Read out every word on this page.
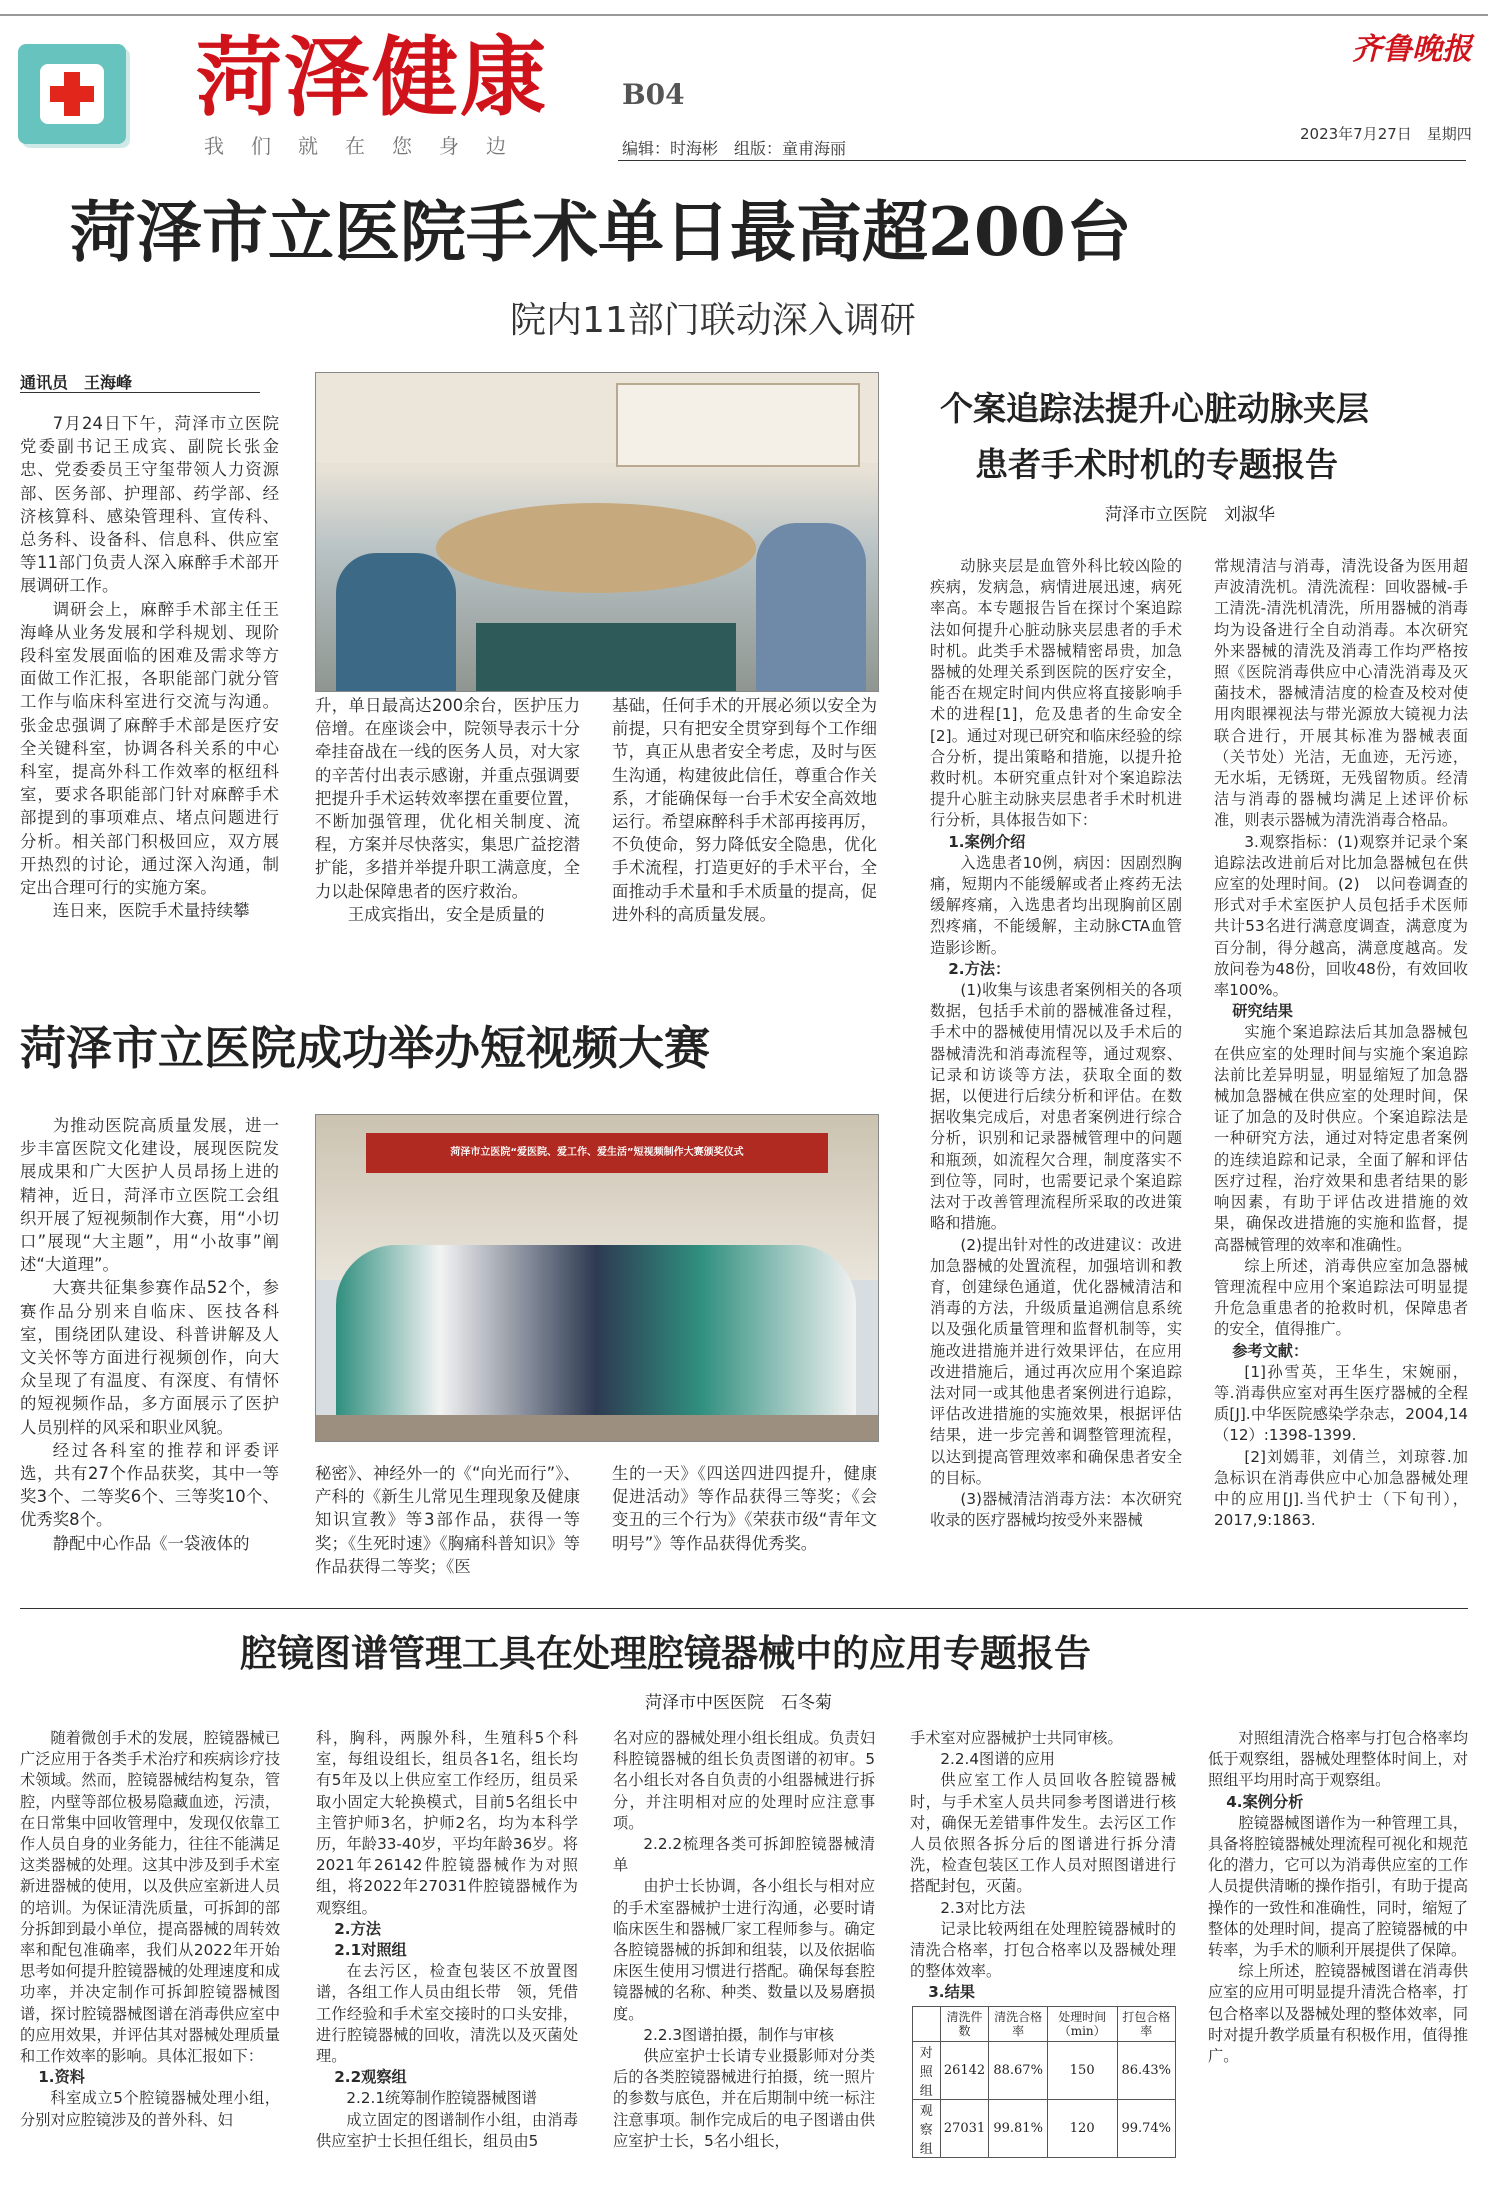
菏泽健康
我们就在您身边
B04
编辑：时海彬　组版：童甫海丽
齐鲁晚报
2023年7月27日　星期四
菏泽市立医院手术单日最高超200台
院内11部门联动深入调研
通讯员　王海峰

7月24日下午，菏泽市立医院党委副书记王成宾、副院长张金忠、党委委员王守玺带领人力资源部、医务部、护理部、药学部、经济核算科、感染管理科、宣传科、总务科、设备科、信息科、供应室等11部门负责人深入麻醉手术部开展调研工作。

调研会上，麻醉手术部主任王海峰从业务发展和学科规划、现阶段科室发展面临的困难及需求等方面做工作汇报，各职能部门就分管工作与临床科室进行交流与沟通。张金忠强调了麻醉手术部是医疗安全关键科室，协调各科关系的中心科室，提高外科工作效率的枢纽科室，要求各职能部门针对麻醉手术部提到的事项难点、堵点问题进行分析。相关部门积极回应，双方展开热烈的讨论，通过深入沟通，制定出合理可行的实施方案。

连日来，医院手术量持续攀

升，单日最高达200余台，医护压力倍增。在座谈会中，院领导表示十分牵挂奋战在一线的医务人员，对大家的辛苦付出表示感谢，并重点强调要把提升手术运转效率摆在重要位置，不断加强管理，优化相关制度、流程，方案并尽快落实，集思广益挖潜扩能，多措并举提升职工满意度，全力以赴保障患者的医疗救治。

王成宾指出，安全是质量的

基础，任何手术的开展必须以安全为前提，只有把安全贯穿到每个工作细节，真正从患者安全考虑，及时与医生沟通，构建彼此信任，尊重合作关系，才能确保每一台手术安全高效地运行。希望麻醉科手术部再接再厉，不负使命，努力降低安全隐患，优化手术流程，打造更好的手术平台，全面推动手术量和手术质量的提高，促进外科的高质量发展。

菏泽市立医院成功举办短视频大赛

为推动医院高质量发展，进一步丰富医院文化建设，展现医院发展成果和广大医护人员昂扬上进的精神，近日，菏泽市立医院工会组织开展了短视频制作大赛，用“小切口”展现“大主题”，用“小故事”阐述“大道理”。

大赛共征集参赛作品52个，参赛作品分别来自临床、医技各科室，围绕团队建设、科普讲解及人文关怀等方面进行视频创作，向大众呈现了有温度、有深度、有情怀的短视频作品，多方面展示了医护人员别样的风采和职业风貌。

经过各科室的推荐和评委评选，共有27个作品获奖，其中一等奖3个、二等奖6个、三等奖10个、优秀奖8个。

静配中心作品《一袋液体的

菏泽市立医院“爱医院、爱工作、爱生活”短视频制作大赛颁奖仪式

秘密》、神经外一的《“向光而行”》、产科的《新生儿常见生理现象及健康知识宣教》等3部作品，获得一等奖；《生死时速》《胸痛科普知识》等作品获得二等奖；《医

生的一天》《四送四进四提升，健康促进活动》等作品获得三等奖；《会变丑的三个行为》《荣获市级“青年文明号”》等作品获得优秀奖。

个案追踪法提升心脏动脉夹层
患者手术时机的专题报告
菏泽市立医院　刘淑华

动脉夹层是血管外科比较凶险的疾病，发病急，病情进展迅速，病死率高。本专题报告旨在探讨个案追踪法如何提升心脏动脉夹层患者的手术时机。此类手术器械精密昂贵，加急器械的处理关系到医院的医疗安全，能否在规定时间内供应将直接影响手术的进程[1]，危及患者的生命安全[2]。通过对现已研究和临床经验的综合分析，提出策略和措施，以提升抢救时机。本研究重点针对个案追踪法提升心脏主动脉夹层患者手术时机进行分析，具体报告如下：

1.案例介绍

入选患者10例，病因：因剧烈胸痛，短期内不能缓解或者止疼药无法缓解疼痛，入选患者均出现胸前区剧烈疼痛，不能缓解，主动脉CTA血管造影诊断。

2.方法：

(1)收集与该患者案例相关的各项数据，包括手术前的器械准备过程，手术中的器械使用情况以及手术后的器械清洗和消毒流程等，通过观察、记录和访谈等方法，获取全面的数据，以便进行后续分析和评估。在数据收集完成后，对患者案例进行综合分析，识别和记录器械管理中的问题和瓶颈，如流程欠合理，制度落实不到位等，同时，也需要记录个案追踪法对于改善管理流程所采取的改进策略和措施。

(2)提出针对性的改进建议：改进加急器械的处置流程，加强培训和教育，创建绿色通道，优化器械清洁和消毒的方法，升级质量追溯信息系统以及强化质量管理和监督机制等，实施改进措施并进行效果评估，在应用改进措施后，通过再次应用个案追踪法对同一或其他患者案例进行追踪，评估改进措施的实施效果，根据评估结果，进一步完善和调整管理流程，以达到提高管理效率和确保患者安全的目标。

(3)器械清洁消毒方法：本次研究收录的医疗器械均按受外来器械

常规清洁与消毒，清洗设备为医用超声波清洗机。清洗流程：回收器械-手工清洗-清洗机清洗，所用器械的消毒均为设备进行全自动消毒。本次研究外来器械的清洗及消毒工作均严格按照《医院消毒供应中心清洗消毒及灭菌技术，器械清洁度的检查及校对使用肉眼裸视法与带光源放大镜视力法联合进行，开展其标准为器械表面（关节处）光洁，无血迹，无污迹，无水垢，无锈斑，无残留物质。经清洁与消毒的器械均满足上述评价标准，则表示器械为清洗消毒合格品。

3.观察指标：(1)观察并记录个案追踪法改进前后对比加急器械包在供应室的处理时间。(2)　以问卷调查的形式对手术室医护人员包括手术医师共计53名进行满意度调查，满意度为百分制，得分越高，满意度越高。发放问卷为48份，回收48份，有效回收率100%。

研究结果

实施个案追踪法后其加急器械包在供应室的处理时间与实施个案追踪法前比差异明显，明显缩短了加急器械加急器械在供应室的处理时间，保证了加急的及时供应。个案追踪法是一种研究方法，通过对特定患者案例的连续追踪和记录，全面了解和评估医疗过程，治疗效果和患者结果的影响因素，有助于评估改进措施的效果，确保改进措施的实施和监督，提高器械管理的效率和准确性。

综上所述，消毒供应室加急器械管理流程中应用个案追踪法可明显提升危急重患者的抢救时机，保障患者的安全，值得推广。

参考文献：

[1]孙雪英，王华生，宋婉丽，等.消毒供应室对再生医疗器械的全程质[J].中华医院感染学杂志，2004,14（12）:1398-1399.

[2]刘嫣菲，刘倩兰，刘琼蓉.加急标识在消毒供应中心加急器械处理中的应用[J].当代护士（下旬刊），2017,9:1863.

腔镜图谱管理工具在处理腔镜器械中的应用专题报告
菏泽市中医医院　石冬菊

随着微创手术的发展，腔镜器械已广泛应用于各类手术治疗和疾病诊疗技术领域。然而，腔镜器械结构复杂，管腔，内壁等部位极易隐藏血迹，污渍，在日常集中回收管理中，发现仅依靠工作人员自身的业务能力，往往不能满足这类器械的处理。这其中涉及到手术室新进器械的使用，以及供应室新进人员的培训。为保证清洗质量，可拆卸的部分拆卸到最小单位，提高器械的周转效率和配包准确率，我们从2022年开始思考如何提升腔镜器械的处理速度和成功率，并决定制作可拆卸腔镜器械图谱，探讨腔镜器械图谱在消毒供应室中的应用效果，并评估其对器械处理质量和工作效率的影响。具体汇报如下：

1.资料

科室成立5个腔镜器械处理小组，分别对应腔镜涉及的普外科、妇

科，胸科，两腺外科，生殖科5个科室，每组设组长，组员各1名，组长均有5年及以上供应室工作经历，组员采取小固定大轮换模式，目前5名组长中主管护师3名，护师2名，均为本科学历，年龄33-40岁，平均年龄36岁。将2021年26142件腔镜器械作为对照组，将2022年27031件腔镜器械作为观察组。

2.方法

2.1对照组

在去污区，检查包装区不放置图谱，各组工作人员由组长带　领，凭借工作经验和手术室交接时的口头安排，进行腔镜器械的回收，清洗以及灭菌处理。

2.2观察组

2.2.1统筹制作腔镜器械图谱

成立固定的图谱制作小组，由消毒供应室护士长担任组长，组员由5

名对应的器械处理小组长组成。负责妇科腔镜器械的组长负责图谱的初审。5名小组长对各自负责的小组器械进行拆分，并注明相对应的处理时应注意事项。

2.2.2梳理各类可拆卸腔镜器械清单

由护士长协调，各小组长与相对应的手术室器械护士进行沟通，必要时请临床医生和器械厂家工程师参与。确定各腔镜器械的拆卸和组装，以及依据临床医生使用习惯进行搭配。确保每套腔镜器械的名称、种类、数量以及易磨损度。

2.2.3图谱拍摄，制作与审核

供应室护士长请专业摄影师对分类后的各类腔镜器械进行拍摄，统一照片的参数与底色，并在后期制中统一标注注意事项。制作完成后的电子图谱由供应室护士长，5名小组长，

手术室对应器械护士共同审核。

2.2.4图谱的应用

供应室工作人员回收各腔镜器械时，与手术室人员共同参考图谱进行核对，确保无差错事件发生。去污区工作人员依照各拆分后的图谱进行拆分清洗，检查包装区工作人员对照图谱进行搭配封包，灭菌。

2.3对比方法

记录比较两组在处理腔镜器械时的清洗合格率，打包合格率以及器械处理的整体效率。

3.结果

对照组清洗合格率与打包合格率均低于观察组，器械处理整体时间上，对照组平均用时高于观察组。

4.案例分析

腔镜器械图谱作为一种管理工具，具备将腔镜器械处理流程可视化和规范化的潜力，它可以为消毒供应室的工作人员提供清晰的操作指引，有助于提高操作的一致性和准确性，同时，缩短了整体的处理时间，提高了腔镜器械的中转率，为手术的顺利开展提供了保障。

综上所述，腔镜器械图谱在消毒供应室的应用可明显提升清洗合格率，打包合格率以及器械处理的整体效率，同时对提升教学质量有积极作用，值得推广。

	清洗件数	清洗合格率	处理时间（min）	打包合格率
对照组	26142	88.67%	150	86.43%
观察组	27031	99.81%	120	99.74%
